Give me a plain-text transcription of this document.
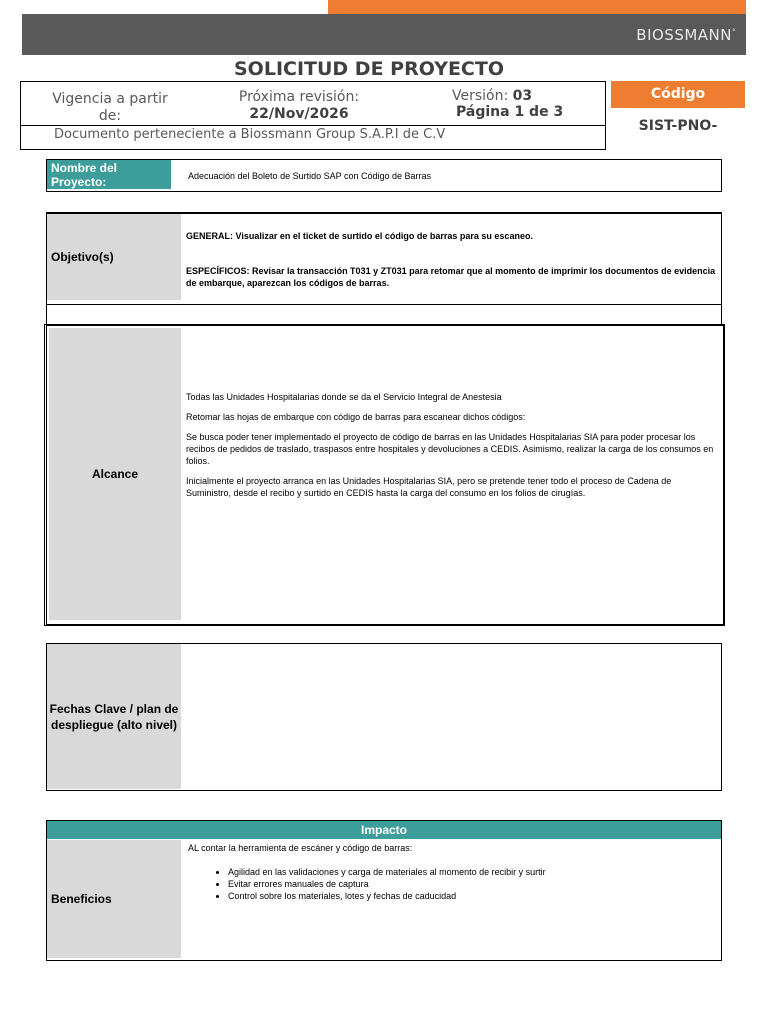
BIOSSMANN°
SOLICITUD DE PROYECTO
Vigencia a partir de:
Próxima revisión:
22/Nov/2026
Versión: 03
Página 1 de 3
Documento perteneciente a Biossmann Group S.A.P.I de C.V
Código
SIST-PNO-
Nombre del Proyecto:	Adecuación del Boleto de Surtido SAP con Código de Barras
Objetivo(s)
GENERAL: Visualizar en el ticket de surtido el código de barras para su escaneo.
ESPECÍFICOS: Revisar la transacción T031 y ZT031 para retomar que al momento de imprimir los documentos de evidencia de embarque, aparezcan los códigos de barras.
Alcance

Todas las Unidades Hospitalarias donde se da el Servicio Integral de Anestesia

Retomar las hojas de embarque con código de barras para escanear dichos códigos:

Se busca poder tener implementado el proyecto de código de barras en las Unidades Hospitalarias SIA para poder procesar los recibos de pedidos de traslado, traspasos entre hospitales y devoluciones a CEDIS. Asimismo, realizar la carga de los consumos en folios.

Inicialmente el proyecto arranca en las Unidades Hospitalarias SIA, pero se pretende tener todo el proceso de Cadena de Suministro, desde el recibo y surtido en CEDIS hasta la carga del consumo en los folios de cirugías.

Fechas Clave / plan de despliegue (alto nivel)
Impacto
Beneficios
AL contar la herramienta de escáner y código de barras:
• Agilidad en las validaciones y carga de materiales al momento de recibir y surtir
• Evitar errores manuales de captura
• Control sobre los materiales, lotes y fechas de caducidad
